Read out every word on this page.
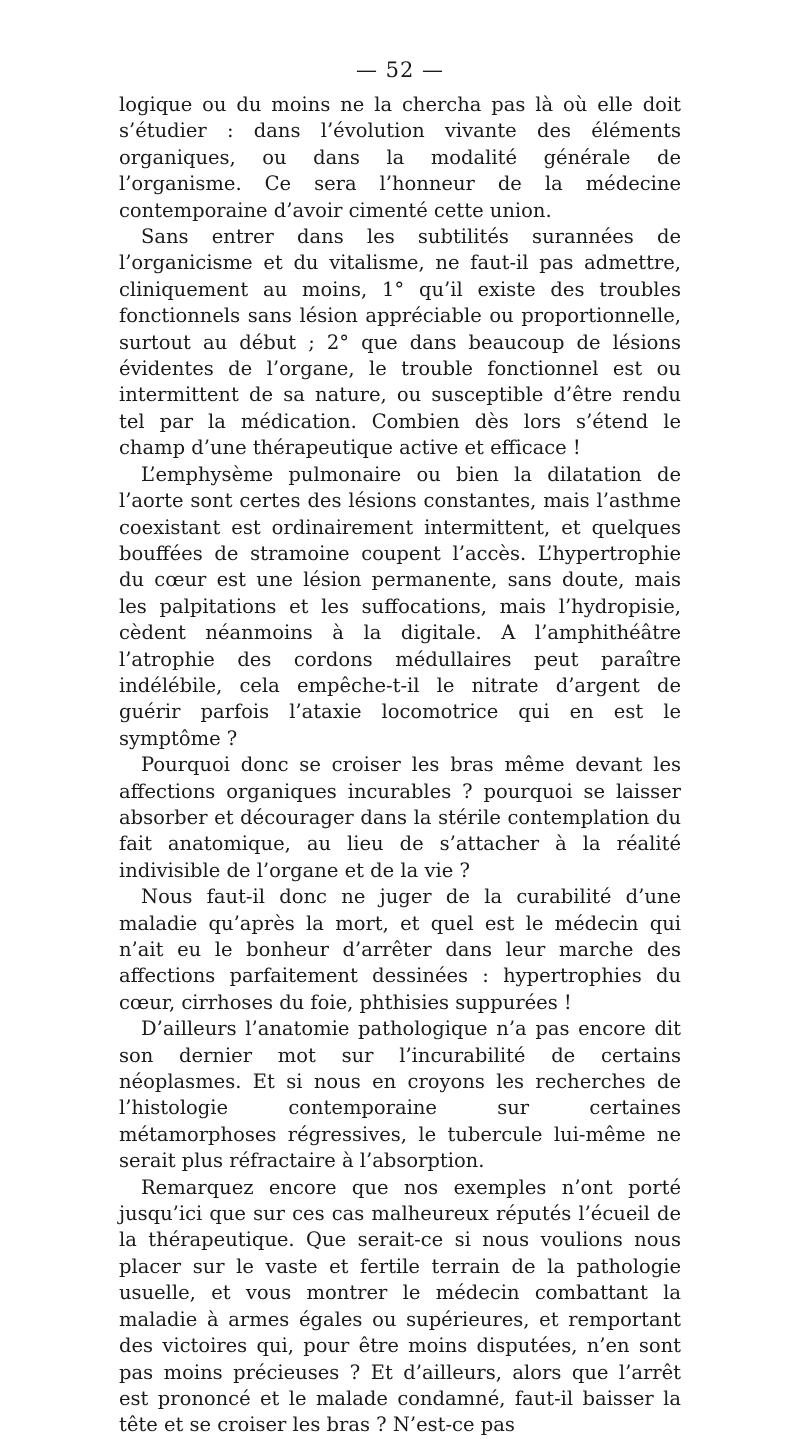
— 52 —

logique ou du moins ne la chercha pas là où elle doit s’étudier : dans l’évolution vivante des éléments organiques, ou dans la modalité générale de l’organisme. Ce sera l’honneur de la médecine contemporaine d’avoir cimenté cette union.

Sans entrer dans les subtilités surannées de l’organicisme et du vitalisme, ne faut-il pas admettre, cliniquement au moins, 1° qu’il existe des troubles fonctionnels sans lésion appréciable ou proportionnelle, surtout au début ; 2° que dans beaucoup de lésions évidentes de l’organe, le trouble fonctionnel est ou intermittent de sa nature, ou susceptible d’être rendu tel par la médication. Combien dès lors s’étend le champ d’une thérapeutique active et efficace !

L’emphysème pulmonaire ou bien la dilatation de l’aorte sont certes des lésions constantes, mais l’asthme coexistant est ordinairement intermittent, et quelques bouffées de stramoine coupent l’accès. L’hypertrophie du cœur est une lésion permanente, sans doute, mais les palpitations et les suffocations, mais l’hydropisie, cèdent néanmoins à la digitale. A l’amphithéâtre l’atrophie des cordons médullaires peut paraître indélébile, cela empêche-t-il le nitrate d’argent de guérir parfois l’ataxie locomotrice qui en est le symptôme ?

Pourquoi donc se croiser les bras même devant les affections organiques incurables ? pourquoi se laisser absorber et décourager dans la stérile contemplation du fait anatomique, au lieu de s’attacher à la réalité indivisible de l’organe et de la vie ?

Nous faut-il donc ne juger de la curabilité d’une maladie qu’après la mort, et quel est le médecin qui n’ait eu le bonheur d’arrêter dans leur marche des affections parfaitement dessinées : hypertrophies du cœur, cirrhoses du foie, phthisies suppurées !

D’ailleurs l’anatomie pathologique n’a pas encore dit son dernier mot sur l’incurabilité de certains néoplasmes. Et si nous en croyons les recherches de l’histologie contemporaine sur certaines métamorphoses régressives, le tubercule lui-même ne serait plus réfractaire à l’absorption.

Remarquez encore que nos exemples n’ont porté jusqu’ici que sur ces cas malheureux réputés l’écueil de la thérapeutique. Que serait-ce si nous voulions nous placer sur le vaste et fertile terrain de la pathologie usuelle, et vous montrer le médecin combattant la maladie à armes égales ou supérieures, et remportant des victoires qui, pour être moins disputées, n’en sont pas moins précieuses ? Et d’ailleurs, alors que l’arrêt est prononcé et le malade condamné, faut-il baisser la tête et se croiser les bras ? N’est-ce pas
